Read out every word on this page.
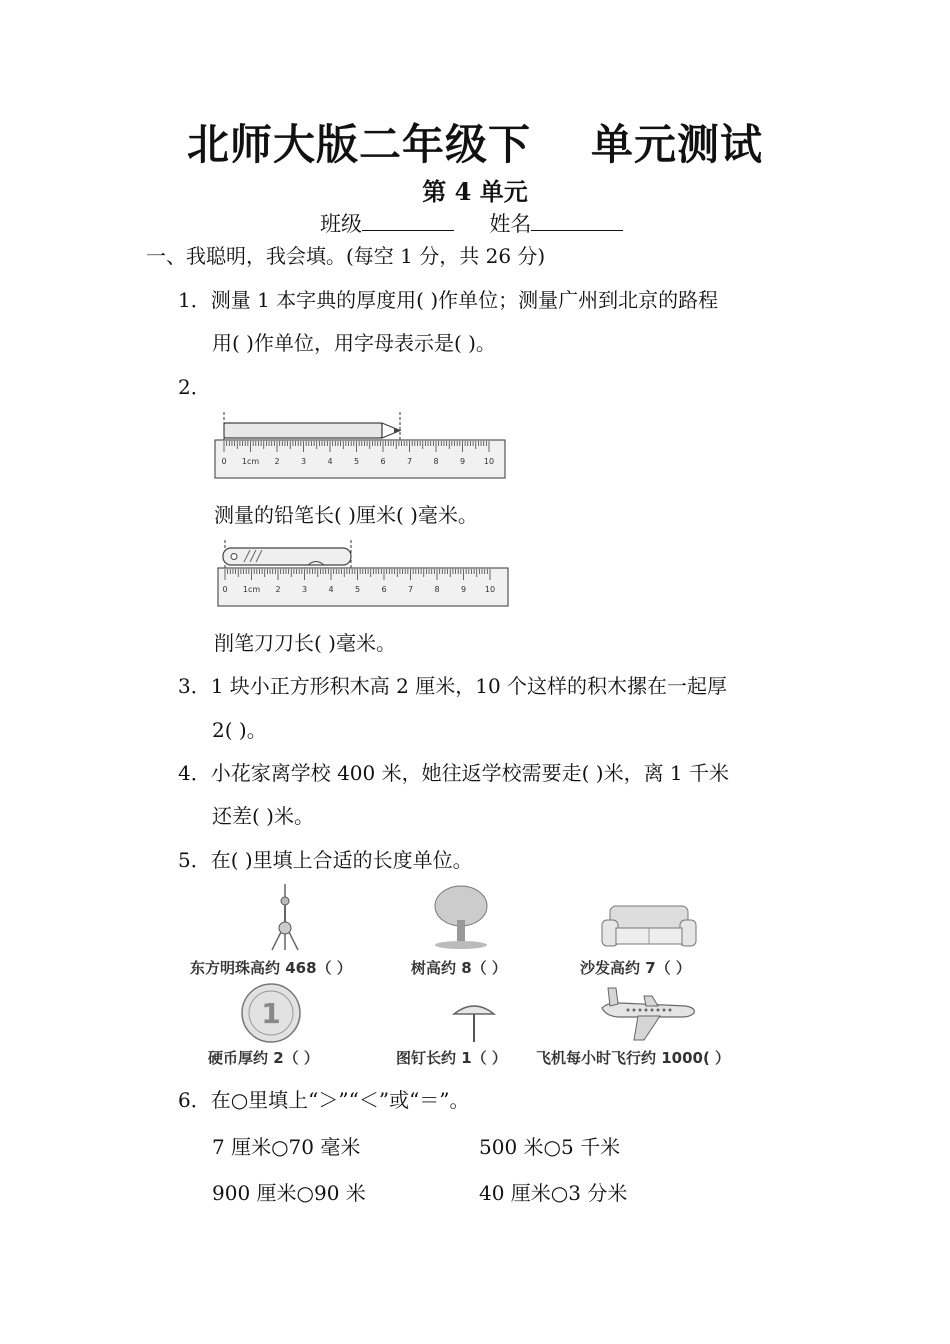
北师大版二年级下 单元测试
第 4 单元
班级	姓名
一、我聪明，我会填。(每空 1 分，共 26 分)
1．测量 1 本字典的厚度用( )作单位；测量广州到北京的路程
用( )作单位，用字母表示是( )。
2．
0 1cm 2	3	4	5	6	7	8	9 10
测量的铅笔长( )厘米( )毫米。
0 1cm 2	3	4	5	6	7	8	9 10
削笔刀刀长( )毫米。
3．1 块小正方形积木高 2 厘米，10 个这样的积木摞在一起厚
2( )。
4．小花家离学校 400 米，她往返学校需要走( )米，离 1 千米
还差( )米。
5．在( )里填上合适的长度单位。
东方明珠高约 468（ ）	树高约 8（ ）	沙发高约 7（ ）
1
硬币厚约 2（ ）	图钉长约 1（ ） 飞机每小时飞行约 1000( ）
6．在○里填上“＞”“＜”或“＝”。
7 厘米○70 毫米	500 米○5 千米
900 厘米○90 米	40 厘米○3 分米
